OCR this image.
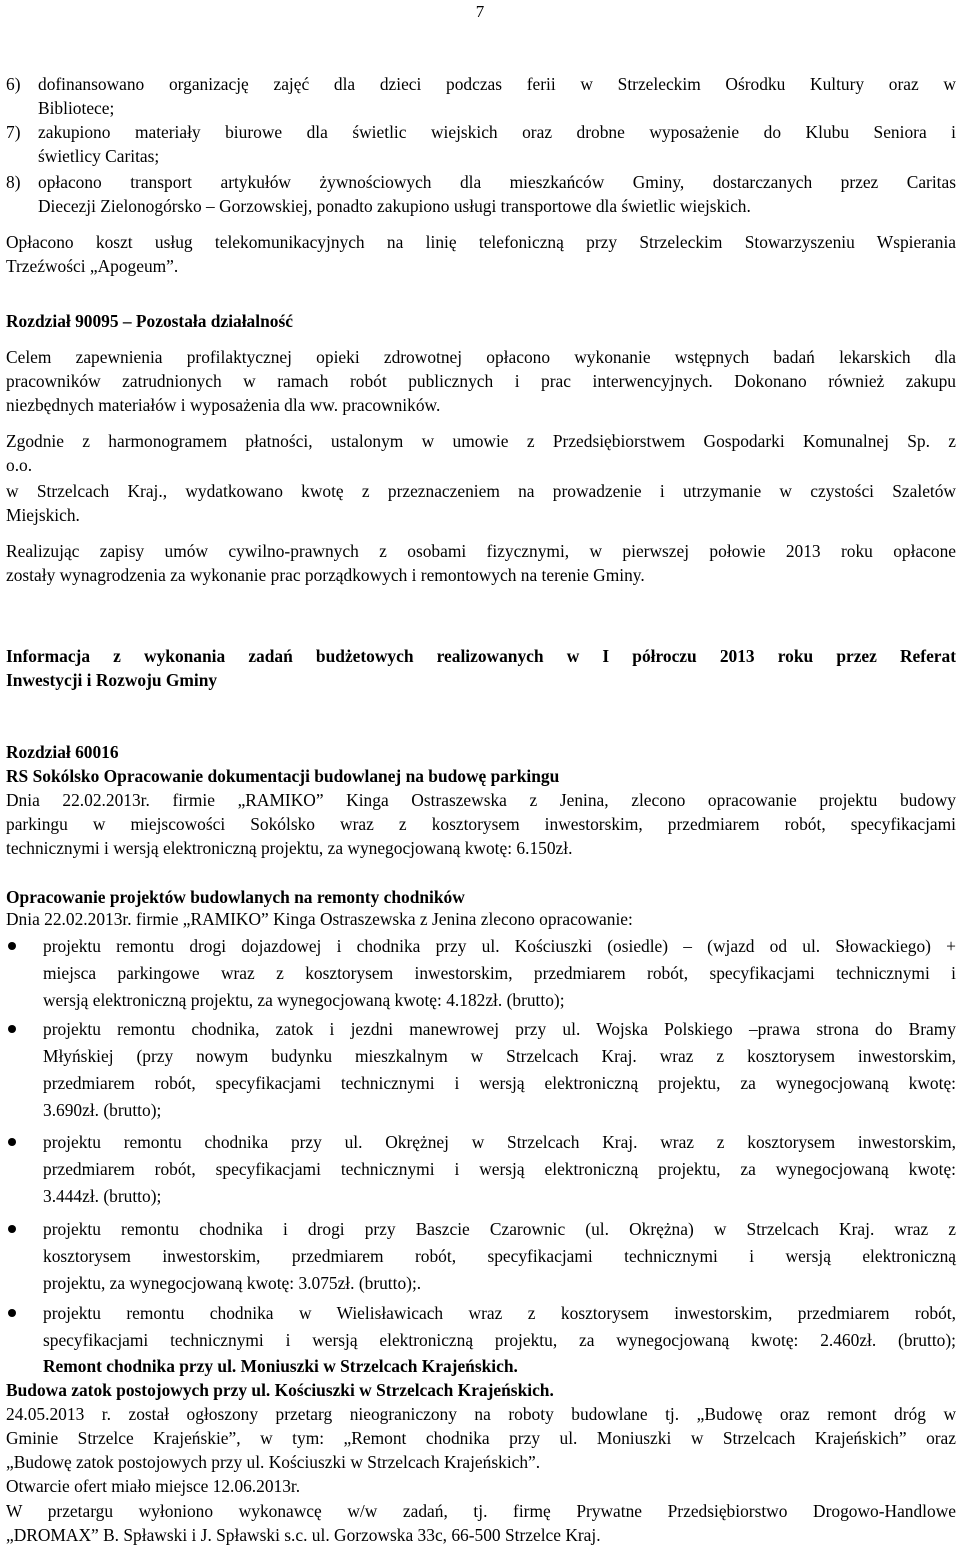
7
6) dofinansowano organizację zajęć dla dzieci podczas ferii w Strzeleckim Ośrodku Kultury oraz w
Bibliotece;
7) zakupiono materiały biurowe dla świetlic wiejskich oraz drobne wyposażenie do Klubu Seniora i
świetlicy Caritas;
8) opłacono transport artykułów żywnościowych dla mieszkańców Gminy, dostarczanych przez Caritas
Diecezji Zielonogórsko – Gorzowskiej, ponadto zakupiono usługi transportowe dla świetlic wiejskich.
Opłacono koszt usług telekomunikacyjnych na linię telefoniczną przy Strzeleckim Stowarzyszeniu Wspierania
Trzeźwości „Apogeum”.
Rozdział 90095 – Pozostała działalność
Celem zapewnienia profilaktycznej opieki zdrowotnej opłacono wykonanie wstępnych badań lekarskich dla
pracowników zatrudnionych w ramach robót publicznych i prac interwencyjnych. Dokonano również zakupu
niezbędnych materiałów i wyposażenia dla ww. pracowników.
Zgodnie z harmonogramem płatności, ustalonym w umowie z Przedsiębiorstwem Gospodarki Komunalnej Sp. z
o.o.
w Strzelcach Kraj., wydatkowano kwotę z przeznaczeniem na prowadzenie i utrzymanie w czystości Szaletów
Miejskich.
Realizując zapisy umów cywilno-prawnych z osobami fizycznymi, w pierwszej połowie 2013 roku opłacone
zostały wynagrodzenia za wykonanie prac porządkowych i remontowych na terenie Gminy.
Informacja z wykonania zadań budżetowych realizowanych w I półroczu 2013 roku przez Referat
Inwestycji i Rozwoju Gminy
Rozdział 60016
RS Sokólsko Opracowanie dokumentacji budowlanej na budowę parkingu
Dnia 22.02.2013r. firmie „RAMIKO” Kinga Ostraszewska z Jenina, zlecono opracowanie projektu budowy
parkingu w miejscowości Sokólsko wraz z kosztorysem inwestorskim, przedmiarem robót, specyfikacjami
technicznymi i wersją elektroniczną projektu, za wynegocjowaną kwotę: 6.150zł.
Opracowanie projektów budowlanych na remonty chodników
Dnia 22.02.2013r. firmie „RAMIKO” Kinga Ostraszewska z Jenina zlecono opracowanie:
projektu remontu drogi dojazdowej i chodnika przy ul. Kościuszki (osiedle) – (wjazd od ul. Słowackiego) +
miejsca parkingowe wraz z kosztorysem inwestorskim, przedmiarem robót, specyfikacjami technicznymi i
wersją elektroniczną projektu, za wynegocjowaną kwotę: 4.182zł. (brutto);
projektu remontu chodnika, zatok i jezdni manewrowej przy ul. Wojska Polskiego –prawa strona do Bramy
Młyńskiej (przy nowym budynku mieszkalnym w Strzelcach Kraj. wraz z kosztorysem inwestorskim,
przedmiarem robót, specyfikacjami technicznymi i wersją elektroniczną projektu, za wynegocjowaną kwotę:
3.690zł. (brutto);
projektu remontu chodnika przy ul. Okrężnej w Strzelcach Kraj. wraz z kosztorysem inwestorskim,
przedmiarem robót, specyfikacjami technicznymi i wersją elektroniczną projektu, za wynegocjowaną kwotę:
3.444zł. (brutto);
projektu remontu chodnika i drogi przy Baszcie Czarownic (ul. Okrężna) w Strzelcach Kraj. wraz z
kosztorysem inwestorskim, przedmiarem robót, specyfikacjami technicznymi i wersją elektroniczną
projektu, za wynegocjowaną kwotę: 3.075zł. (brutto);.
projektu remontu chodnika w Wielisławicach wraz z kosztorysem inwestorskim, przedmiarem robót,
specyfikacjami technicznymi i wersją elektroniczną projektu, za wynegocjowaną kwotę: 2.460zł. (brutto);
Remont chodnika przy ul. Moniuszki w Strzelcach Krajeńskich.
Budowa zatok postojowych przy ul. Kościuszki w Strzelcach Krajeńskich.
24.05.2013 r. został ogłoszony przetarg nieograniczony na roboty budowlane tj. „Budowę oraz remont dróg w
Gminie Strzelce Krajeńskie”, w tym: „Remont chodnika przy ul. Moniuszki w Strzelcach Krajeńskich” oraz
„Budowę zatok postojowych przy ul. Kościuszki w Strzelcach Krajeńskich”.
Otwarcie ofert miało miejsce 12.06.2013r.
W przetargu wyłoniono wykonawcę w/w zadań, tj. firmę Prywatne Przedsiębiorstwo Drogowo-Handlowe
„DROMAX” B. Spławski i J. Spławski s.c. ul. Gorzowska 33c, 66-500 Strzelce Kraj.
